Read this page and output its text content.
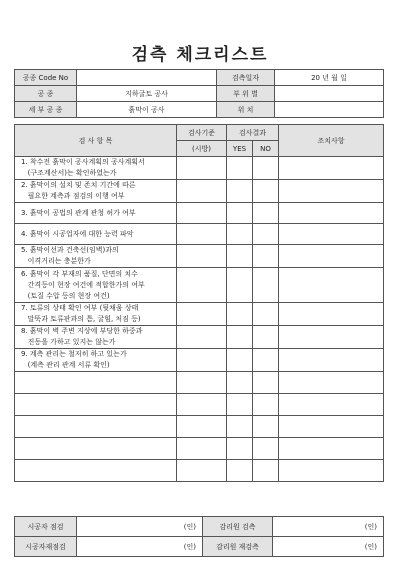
검측 체크리스트
공종 Code No		검측일자	20 년 월 일
공 종	지하굴토 공사	부 위 별	
세 부 공 종	흙막이 공사	위 치	
검 사 항 목	검사기준	검사결과		조치사항
	(시방)	YES	NO	

1. 착수전 흙막이 공사계획의 공사계획서
(구조계산서)는 확인하였는가				

2. 흙막이의 설치 및 존치 기간에 따른
필요한 계측과 점검의 이행 여부				

3. 흙막이 공법의 관계 관청 허가 여부				

4. 흙막이 시공업자에 대한 능력 파악				

5. 흙막이선과 건축선(임벽)과의
이격거리는 충분한가				

6. 흙막이 각 부재의 품질, 단면의 치수
간격등이 현장 여건에 적합한가의 여부
(토질 수압 등의 현장 여건)				

7. 토류의 상태 확인 여부 (뒷채움 상태
말뚝과 토류판과의 틈, 굴힘, 처짐 등)				

8. 흙막이 벽 주변 지상에 부당한 하중과
진동을 가하고 있지는 않는가				

9. 계측 관리는 철저히 하고 있는가
(계측 관리 관계 서류 확인)				

시공자 점검	(인)	감리원 검측	(인)
시공자재점검	(인)	감리원 재검측	(인)
